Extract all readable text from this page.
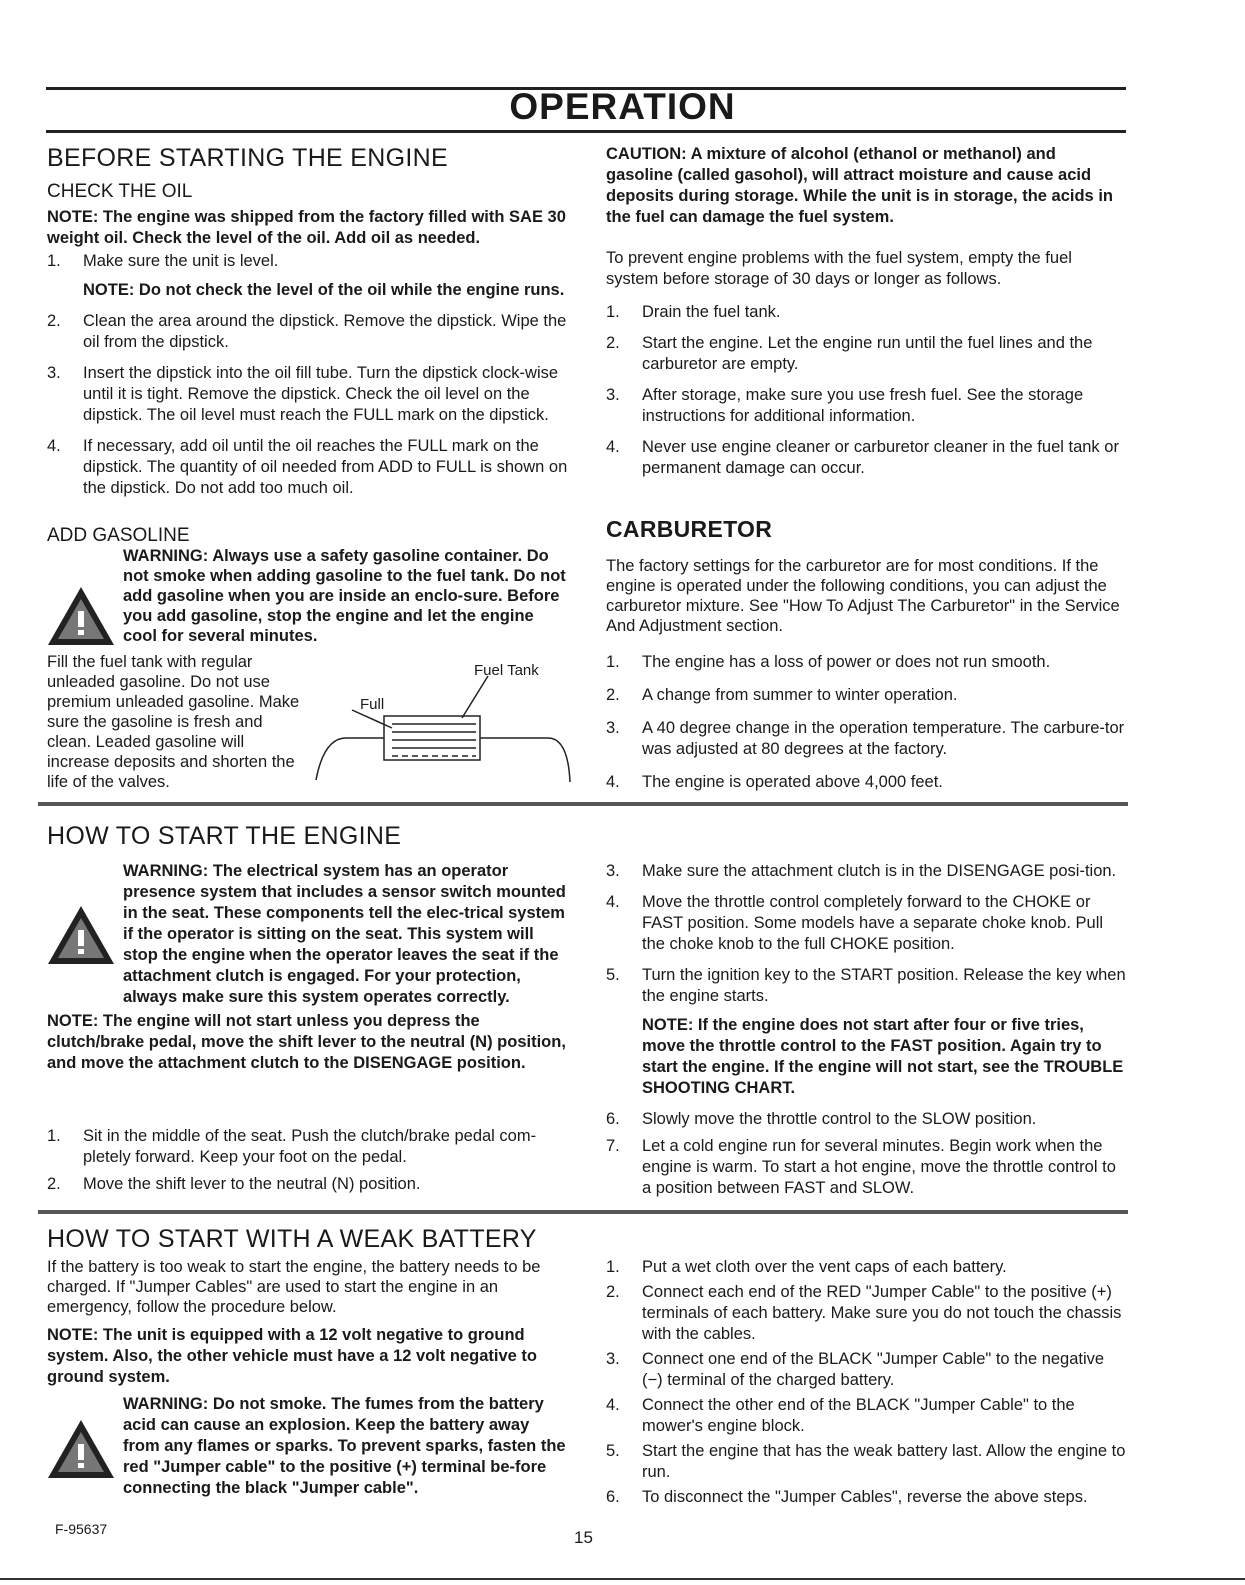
OPERATION
BEFORE STARTING THE ENGINE
CHECK THE OIL
NOTE: The engine was shipped from the factory filled with SAE 30 weight oil. Check the level of the oil. Add oil as needed.
1.	Make sure the unit is level.
NOTE: Do not check the level of the oil while the engine runs.
2.	Clean the area around the dipstick. Remove the dipstick. Wipe the oil from the dipstick.
3.	Insert the dipstick into the oil fill tube. Turn the dipstick clock-wise until it is tight. Remove the dipstick. Check the oil level on the dipstick. The oil level must reach the FULL mark on the dipstick.
4.	If necessary, add oil until the oil reaches the FULL mark on the dipstick. The quantity of oil needed from ADD to FULL is shown on the dipstick. Do not add too much oil.
ADD GASOLINE
WARNING: Always use a safety gasoline container. Do not smoke when adding gasoline to the fuel tank. Do not add gasoline when you are inside an enclo-sure. Before you add gasoline, stop the engine and let the engine cool for several minutes.
Fill the fuel tank with regular unleaded gasoline. Do not use premium unleaded gasoline. Make sure the gasoline is fresh and clean. Leaded gasoline will increase deposits and shorten the life of the valves.
Fuel Tank
Full
CAUTION: A mixture of alcohol (ethanol or methanol) and gasoline (called gasohol), will attract moisture and cause acid deposits during storage. While the unit is in storage, the acids in the fuel can damage the fuel system.
To prevent engine problems with the fuel system, empty the fuel system before storage of 30 days or longer as follows.
1.	Drain the fuel tank.
2.	Start the engine. Let the engine run until the fuel lines and the carburetor are empty.
3.	After storage, make sure you use fresh fuel. See the storage instructions for additional information.
4.	Never use engine cleaner or carburetor cleaner in the fuel tank or permanent damage can occur.
CARBURETOR
The factory settings for the carburetor are for most conditions. If the engine is operated under the following conditions, you can adjust the carburetor mixture. See "How To Adjust The Carburetor" in the Service And Adjustment section.
1.	The engine has a loss of power or does not run smooth.
2.	A change from summer to winter operation.
3.	A 40 degree change in the operation temperature. The carbure-tor was adjusted at 80 degrees at the factory.
4.	The engine is operated above 4,000 feet.
HOW TO START THE ENGINE
WARNING: The electrical system has an operator presence system that includes a sensor switch mounted in the seat. These components tell the elec-trical system if the operator is sitting on the seat. This system will stop the engine when the operator leaves the seat if the attachment clutch is engaged. For your protection, always make sure this system operates correctly.
NOTE: The engine will not start unless you depress the clutch/brake pedal, move the shift lever to the neutral (N) position, and move the attachment clutch to the DISENGAGE position.
1.	Sit in the middle of the seat. Push the clutch/brake pedal com-pletely forward. Keep your foot on the pedal.
2.	Move the shift lever to the neutral (N) position.
3.	Make sure the attachment clutch is in the DISENGAGE posi-tion.
4.	Move the throttle control completely forward to the CHOKE or FAST position. Some models have a separate choke knob. Pull the choke knob to the full CHOKE position.
5.	Turn the ignition key to the START position. Release the key when the engine starts.
NOTE: If the engine does not start after four or five tries, move the throttle control to the FAST position. Again try to start the engine. If the engine will not start, see the TROUBLE SHOOTING CHART.
6.	Slowly move the throttle control to the SLOW position.
7.	Let a cold engine run for several minutes. Begin work when the engine is warm. To start a hot engine, move the throttle control to a position between FAST and SLOW.
HOW TO START WITH A WEAK BATTERY
If the battery is too weak to start the engine, the battery needs to be charged. If "Jumper Cables" are used to start the engine in an emergency, follow the procedure below.
NOTE: The unit is equipped with a 12 volt negative to ground system. Also, the other vehicle must have a 12 volt negative to ground system.
WARNING: Do not smoke. The fumes from the battery acid can cause an explosion. Keep the battery away from any flames or sparks. To prevent sparks, fasten the red "Jumper cable" to the positive (+) terminal be-fore connecting the black "Jumper cable".
1.	Put a wet cloth over the vent caps of each battery.
2.	Connect each end of the RED "Jumper Cable" to the positive (+) terminals of each battery. Make sure you do not touch the chassis with the cables.
3.	Connect one end of the BLACK "Jumper Cable" to the negative (−) terminal of the charged battery.
4.	Connect the other end of the BLACK "Jumper Cable" to the mower's engine block.
5.	Start the engine that has the weak battery last. Allow the engine to run.
6.	To disconnect the "Jumper Cables", reverse the above steps.
F-95637	15
